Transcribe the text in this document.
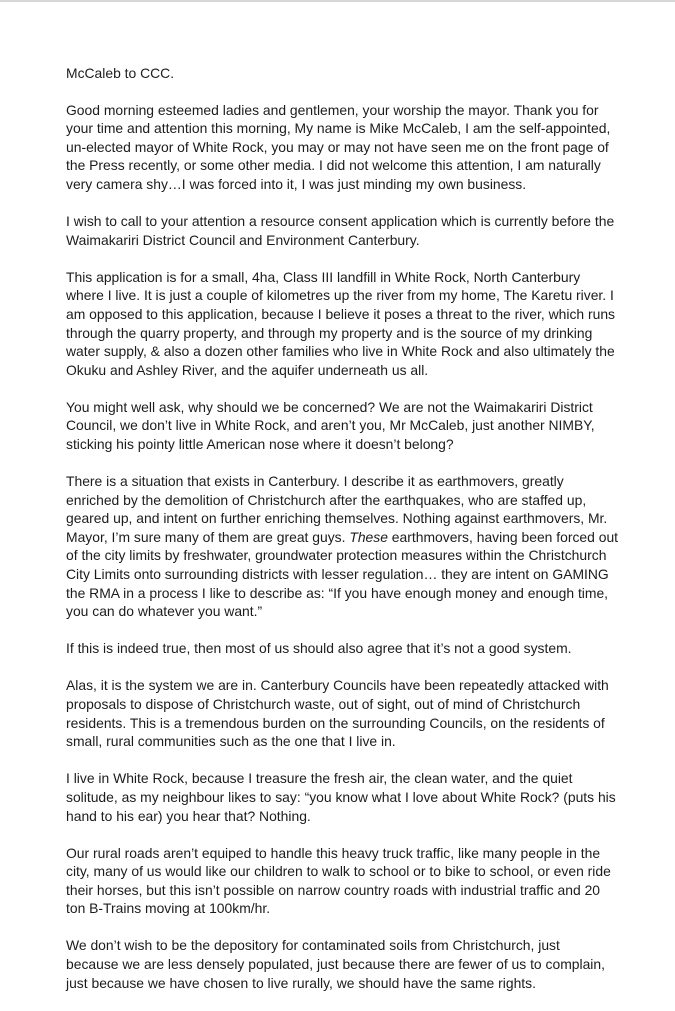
McCaleb to CCC.

Good morning esteemed ladies and gentlemen, your worship the mayor. Thank you for
your time and attention this morning, My name is Mike McCaleb, I am the self-appointed,
un-elected mayor of White Rock, you may or may not have seen me on the front page of
the Press recently, or some other media. I did not welcome this attention, I am naturally
very camera shy…I was forced into it, I was just minding my own business.

I wish to call to your attention a resource consent application which is currently before the
Waimakariri District Council and Environment Canterbury.

This application is for a small, 4ha, Class III landfill in White Rock, North Canterbury
where I live. It is just a couple of kilometres up the river from my home, The Karetu river. I
am opposed to this application, because I believe it poses a threat to the river, which runs
through the quarry property, and through my property and is the source of my drinking
water supply, & also a dozen other families who live in White Rock and also ultimately the
Okuku and Ashley River, and the aquifer underneath us all.

You might well ask, why should we be concerned? We are not the Waimakariri District
Council, we don’t live in White Rock, and aren’t you, Mr McCaleb, just another NIMBY,
sticking his pointy little American nose where it doesn’t belong?

There is a situation that exists in Canterbury. I describe it as earthmovers, greatly
enriched by the demolition of Christchurch after the earthquakes, who are staffed up,
geared up, and intent on further enriching themselves. Nothing against earthmovers, Mr.
Mayor, I’m sure many of them are great guys. These earthmovers, having been forced out
of the city limits by freshwater, groundwater protection measures within the Christchurch
City Limits onto surrounding districts with lesser regulation… they are intent on GAMING
the RMA in a process I like to describe as: “If you have enough money and enough time,
you can do whatever you want.”

If this is indeed true, then most of us should also agree that it’s not a good system.

Alas, it is the system we are in. Canterbury Councils have been repeatedly attacked with
proposals to dispose of Christchurch waste, out of sight, out of mind of Christchurch
residents. This is a tremendous burden on the surrounding Councils, on the residents of
small, rural communities such as the one that I live in.

I live in White Rock, because I treasure the fresh air, the clean water, and the quiet
solitude, as my neighbour likes to say: “you know what I love about White Rock? (puts his
hand to his ear) you hear that? Nothing.

Our rural roads aren’t equiped to handle this heavy truck traffic, like many people in the
city, many of us would like our children to walk to school or to bike to school, or even ride
their horses, but this isn’t possible on narrow country roads with industrial traffic and 20
ton B-Trains moving at 100km/hr.

We don’t wish to be the depository for contaminated soils from Christchurch, just
because we are less densely populated, just because there are fewer of us to complain,
just because we have chosen to live rurally, we should have the same rights.
